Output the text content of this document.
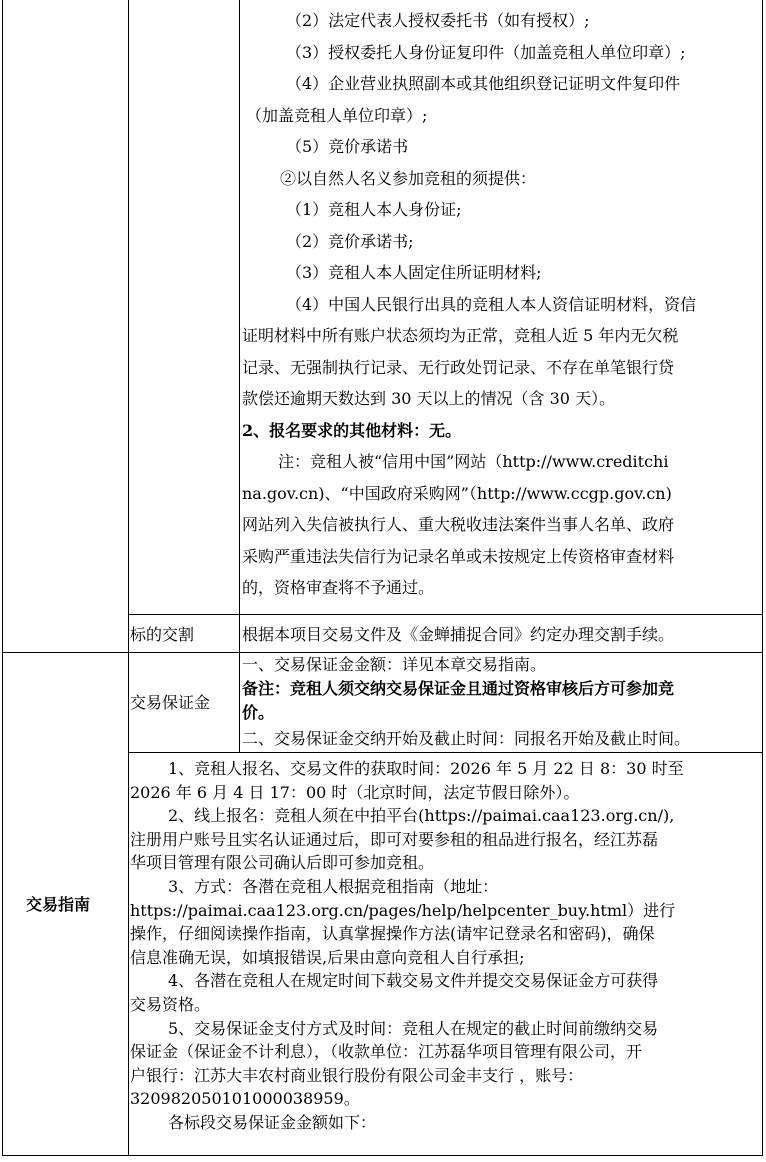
（2）法定代表人授权委托书（如有授权）;
（3）授权委托人身份证复印件（加盖竞租人单位印章）;
（4）企业营业执照副本或其他组织登记证明文件复印件
（加盖竞租人单位印章）;
（5）竞价承诺书
②以自然人名义参加竞租的须提供：
（1）竞租人本人身份证;
（2）竞价承诺书;
（3）竞租人本人固定住所证明材料;
（4）中国人民银行出具的竞租人本人资信证明材料，资信
证明材料中所有账户状态须均为正常，竞租人近 5 年内无欠税
记录、无强制执行记录、无行政处罚记录、不存在单笔银行贷
款偿还逾期天数达到 30 天以上的情况（含 30 天）。
2、报名要求的其他材料：无。
注：竞租人被“信用中国”网站（http://www.creditchi
na.gov.cn)、“中国政府采购网”（http://www.ccgp.gov.cn)
网站列入失信被执行人、重大税收违法案件当事人名单、政府
采购严重违法失信行为记录名单或未按规定上传资格审查材料
的，资格审查将不予通过。
标的交割	根据本项目交易文件及《金蝉捕捉合同》约定办理交割手续。
交易指南
交易保证金
一、交易保证金金额：详见本章交易指南。
备注：竞租人须交纳交易保证金且通过资格审核后方可参加竞
价。
二、交易保证金交纳开始及截止时间：同报名开始及截止时间。
1、竞租人报名、交易文件的获取时间：2026 年 5 月 22 日 8：30 时至
2026 年 6 月 4 日 17：00 时（北京时间，法定节假日除外）。
2、线上报名：竞租人须在中拍平台(https://paimai.caa123.org.cn/),
注册用户账号且实名认证通过后，即可对要参租的租品进行报名，经江苏磊
华项目管理有限公司确认后即可参加竞租。
3、方式：各潜在竞租人根据竞租指南（地址：
https://paimai.caa123.org.cn/pages/help/helpcenter_buy.html）进行
操作，仔细阅读操作指南，认真掌握操作方法(请牢记登录名和密码)，确保
信息准确无误，如填报错误,后果由意向竞租人自行承担;
4、各潜在竞租人在规定时间下载交易文件并提交交易保证金方可获得
交易资格。
5、交易保证金支付方式及时间：竞租人在规定的截止时间前缴纳交易
保证金（保证金不计利息），（收款单位：江苏磊华项目管理有限公司，开
户银行：江苏大丰农村商业银行股份有限公司金丰支行 ，账号：
320982050101000038959。
各标段交易保证金金额如下：
